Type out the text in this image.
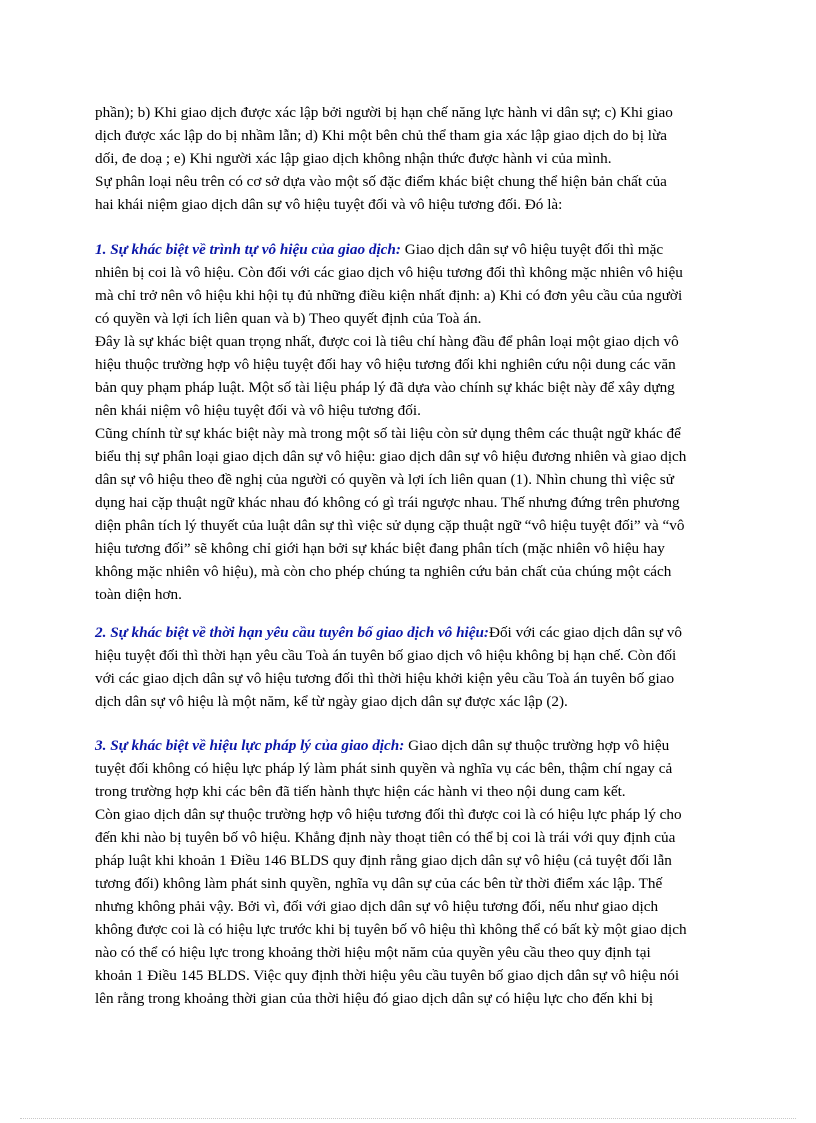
phần); b) Khi giao dịch được xác lập bởi người bị hạn chế năng lực hành vi dân sự; c) Khi giao
dịch được xác lập do bị nhầm lẫn; d) Khi một bên chủ thể tham gia xác lập giao dịch do bị lừa
dối, đe doạ ; e) Khi người xác lập giao dịch không nhận thức được hành vi của mình.
Sự phân loại nêu trên có cơ sở dựa vào một số đặc điểm khác biệt chung thể hiện bản chất của
hai khái niệm giao dịch dân sự vô hiệu tuyệt đối và vô hiệu tương đối. Đó là:
1. Sự khác biệt về trình tự vô hiệu của giao dịch: Giao dịch dân sự vô hiệu tuyệt đối thì mặc
nhiên bị coi là vô hiệu. Còn đối với các giao dịch vô hiệu tương đối thì không mặc nhiên vô hiệu
mà chỉ trở nên vô hiệu khi hội tụ đủ những điều kiện nhất định: a) Khi có đơn yêu cầu của người
có quyền và lợi ích liên quan và b) Theo quyết định của Toà án.
Đây là sự khác biệt quan trọng nhất, được coi là tiêu chí hàng đầu để phân loại một giao dịch vô
hiệu thuộc trường hợp vô hiệu tuyệt đối hay vô hiệu tương đối khi nghiên cứu nội dung các văn
bản quy phạm pháp luật. Một số tài liệu pháp lý đã dựa vào chính sự khác biệt này để xây dựng
nên khái niệm vô hiệu tuyệt đối và vô hiệu tương đối.
Cũng chính từ sự khác biệt này mà trong một số tài liệu còn sử dụng thêm các thuật ngữ khác để
biểu thị sự phân loại giao dịch dân sự vô hiệu: giao dịch dân sự vô hiệu đương nhiên và giao dịch
dân sự vô hiệu theo đề nghị của người có quyền và lợi ích liên quan (1). Nhìn chung thì việc sử
dụng hai cặp thuật ngữ khác nhau đó không có gì trái ngược nhau. Thế nhưng đứng trên phương
diện phân tích lý thuyết của luật dân sự thì việc sử dụng cặp thuật ngữ “vô hiệu tuyệt đối” và “vô
hiệu tương đối” sẽ không chỉ giới hạn bởi sự khác biệt đang phân tích (mặc nhiên vô hiệu hay
không mặc nhiên vô hiệu), mà còn cho phép chúng ta nghiên cứu bản chất của chúng một cách
toàn diện hơn.
2. Sự khác biệt về thời hạn yêu cầu tuyên bố giao dịch vô hiệu:Đối với các giao dịch dân sự vô
hiệu tuyệt đối thì thời hạn yêu cầu Toà án tuyên bố giao dịch vô hiệu không bị hạn chế. Còn đối
với các giao dịch dân sự vô hiệu tương đối thì thời hiệu khởi kiện yêu cầu Toà án tuyên bố giao
dịch dân sự vô hiệu là một năm, kể từ ngày giao dịch dân sự được xác lập (2).
3. Sự khác biệt về hiệu lực pháp lý của giao dịch: Giao dịch dân sự thuộc trường hợp vô hiệu
tuyệt đối không có hiệu lực pháp lý làm phát sinh quyền và nghĩa vụ các bên, thậm chí ngay cả
trong trường hợp khi các bên đã tiến hành thực hiện các hành vi theo nội dung cam kết.
Còn giao dịch dân sự thuộc trường hợp vô hiệu tương đối thì được coi là có hiệu lực pháp lý cho
đến khi nào bị tuyên bố vô hiệu. Khẳng định này thoạt tiên có thể bị coi là trái với quy định của
pháp luật khi khoản 1 Điều 146 BLDS quy định rằng giao dịch dân sự vô hiệu (cả tuyệt đối lẫn
tương đối) không làm phát sinh quyền, nghĩa vụ dân sự của các bên từ thời điểm xác lập. Thế
nhưng không phải vậy. Bởi vì, đối với giao dịch dân sự vô hiệu tương đối, nếu như giao dịch
không được coi là có hiệu lực trước khi bị tuyên bố vô hiệu thì không thể có bất kỳ một giao dịch
nào có thể có hiệu lực trong khoảng thời hiệu một năm của quyền yêu cầu theo quy định tại
khoản 1 Điều 145 BLDS. Việc quy định thời hiệu yêu cầu tuyên bố giao dịch dân sự vô hiệu nói
lên rằng trong khoảng thời gian của thời hiệu đó giao dịch dân sự có hiệu lực cho đến khi bị
